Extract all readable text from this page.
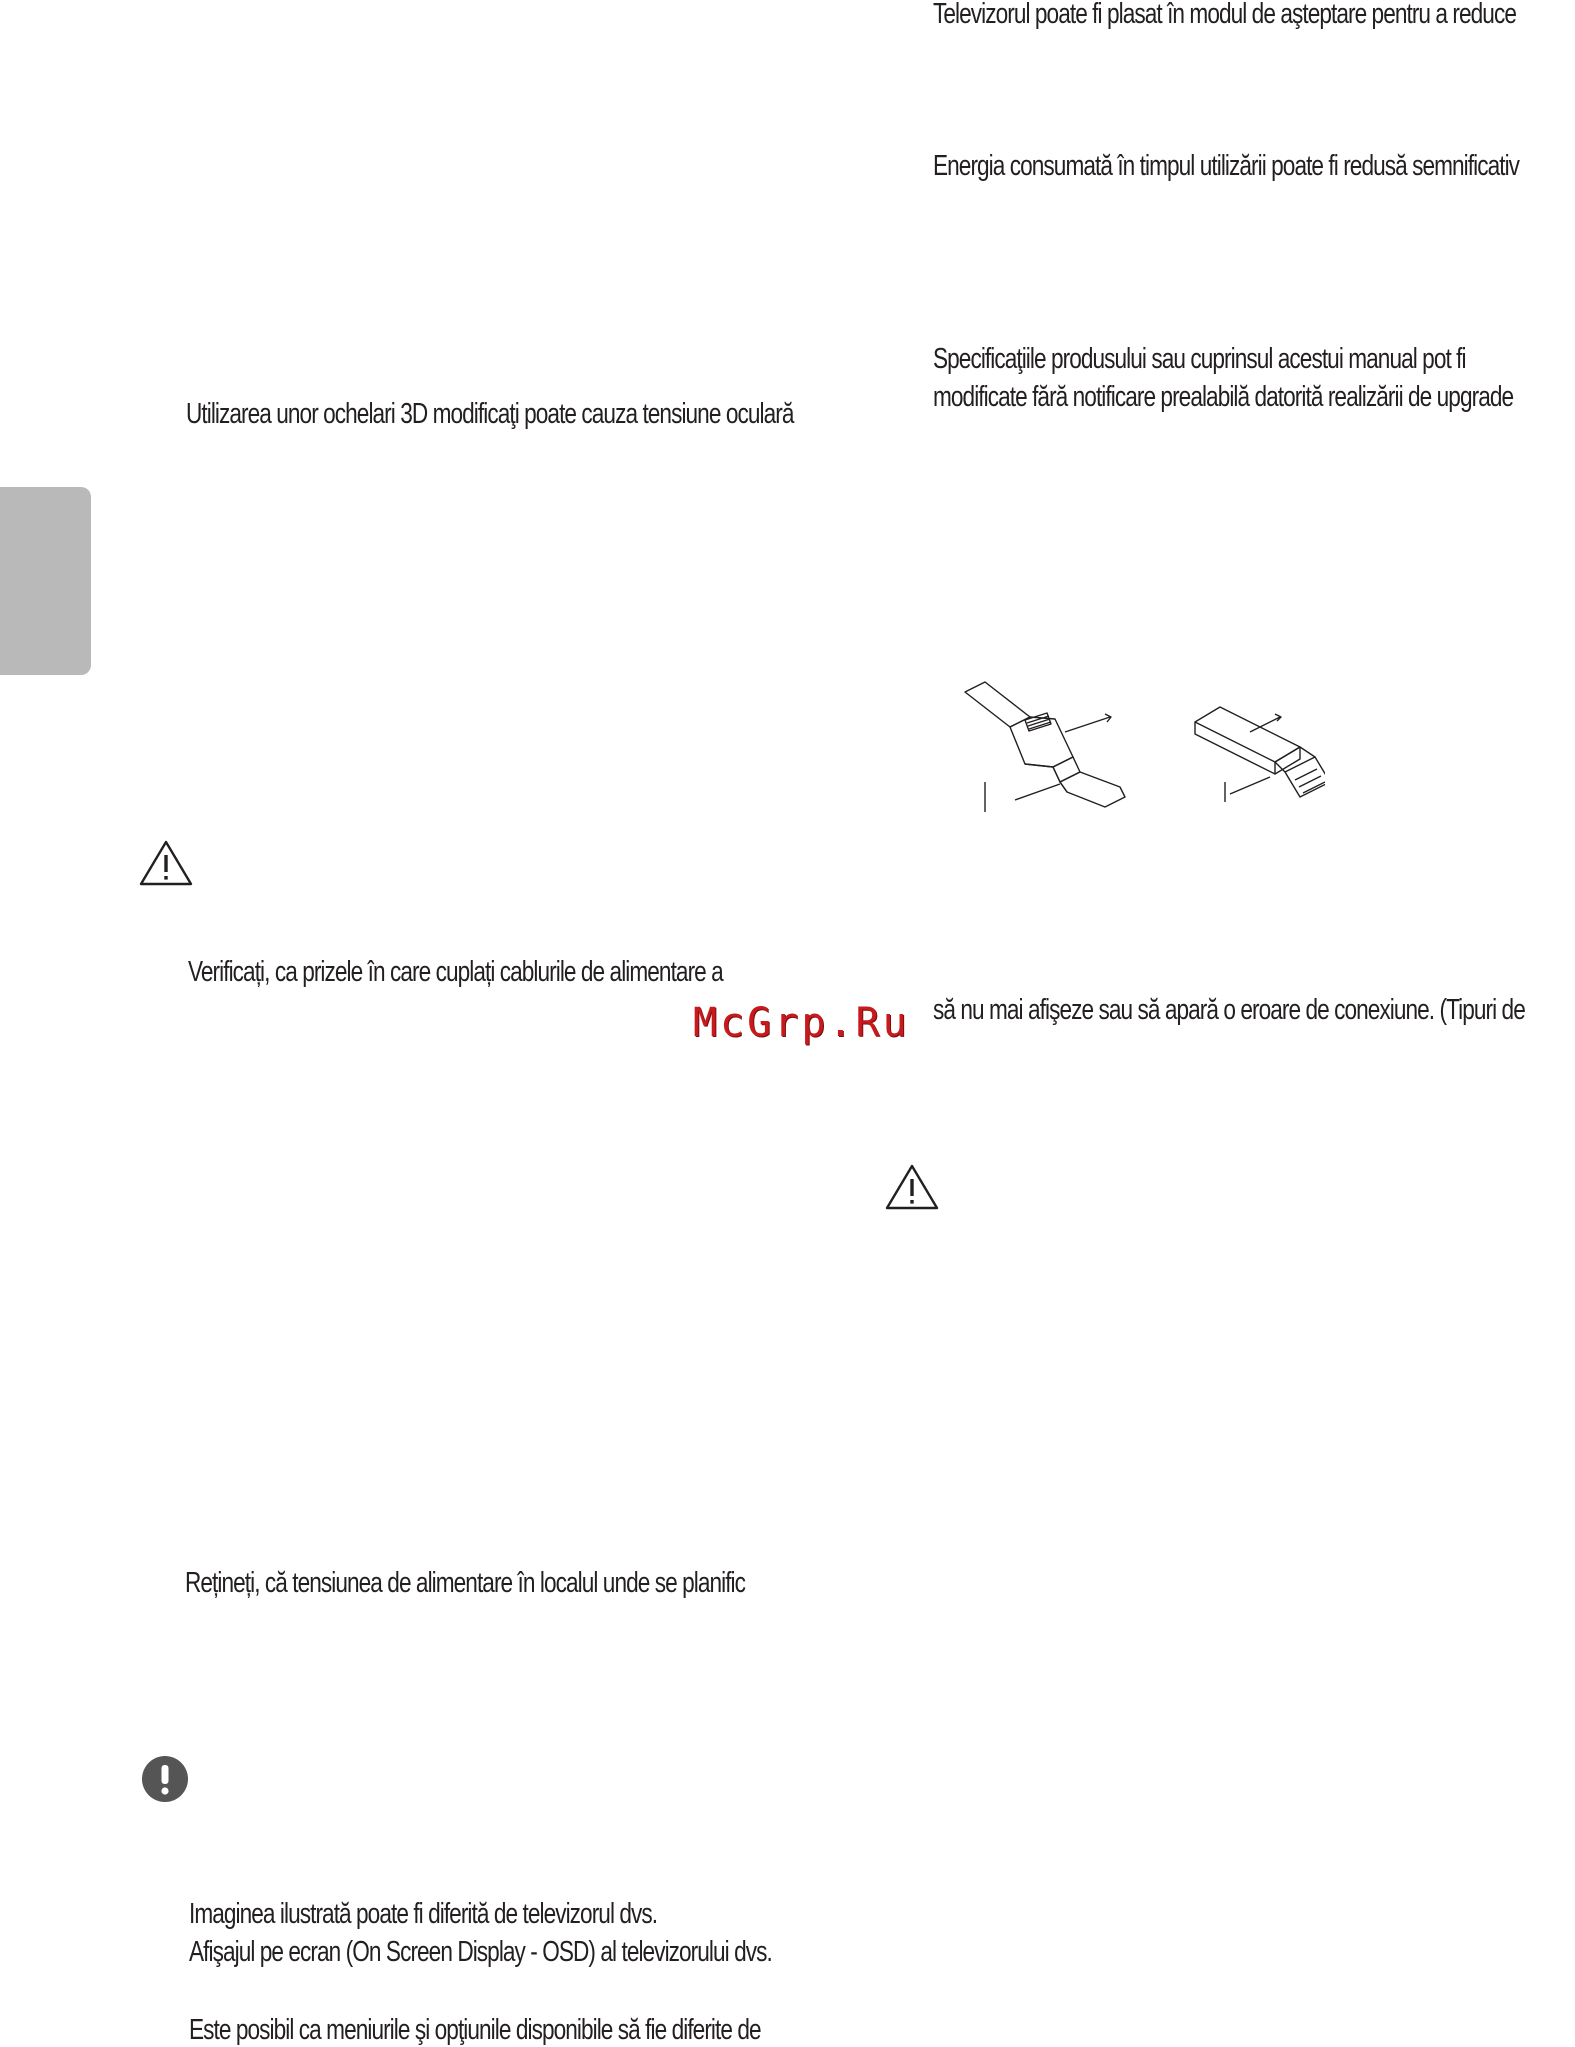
Televizorul poate fi plasat în modul de aşteptare pentru a reduce
Energia consumată în timpul utilizării poate fi redusă semnificativ
Specificaţiile produsului sau cuprinsul acestui manual pot fi
modificate fără notificare prealabilă datorită realizării de upgrade
să nu mai afişeze sau să apară o eroare de conexiune. (Tipuri de
Utilizarea unor ochelari 3D modificaţi poate cauza tensiune oculară
Verificați, ca prizele în care cuplați cablurile de alimentare a
McGrp.Ru
Rețineți, că tensiunea de alimentare în localul unde se planific
Imaginea ilustrată poate fi diferită de televizorul dvs.
Afişajul pe ecran (On Screen Display - OSD) al televizorului dvs.
Este posibil ca meniurile şi opţiunile disponibile să fie diferite de
